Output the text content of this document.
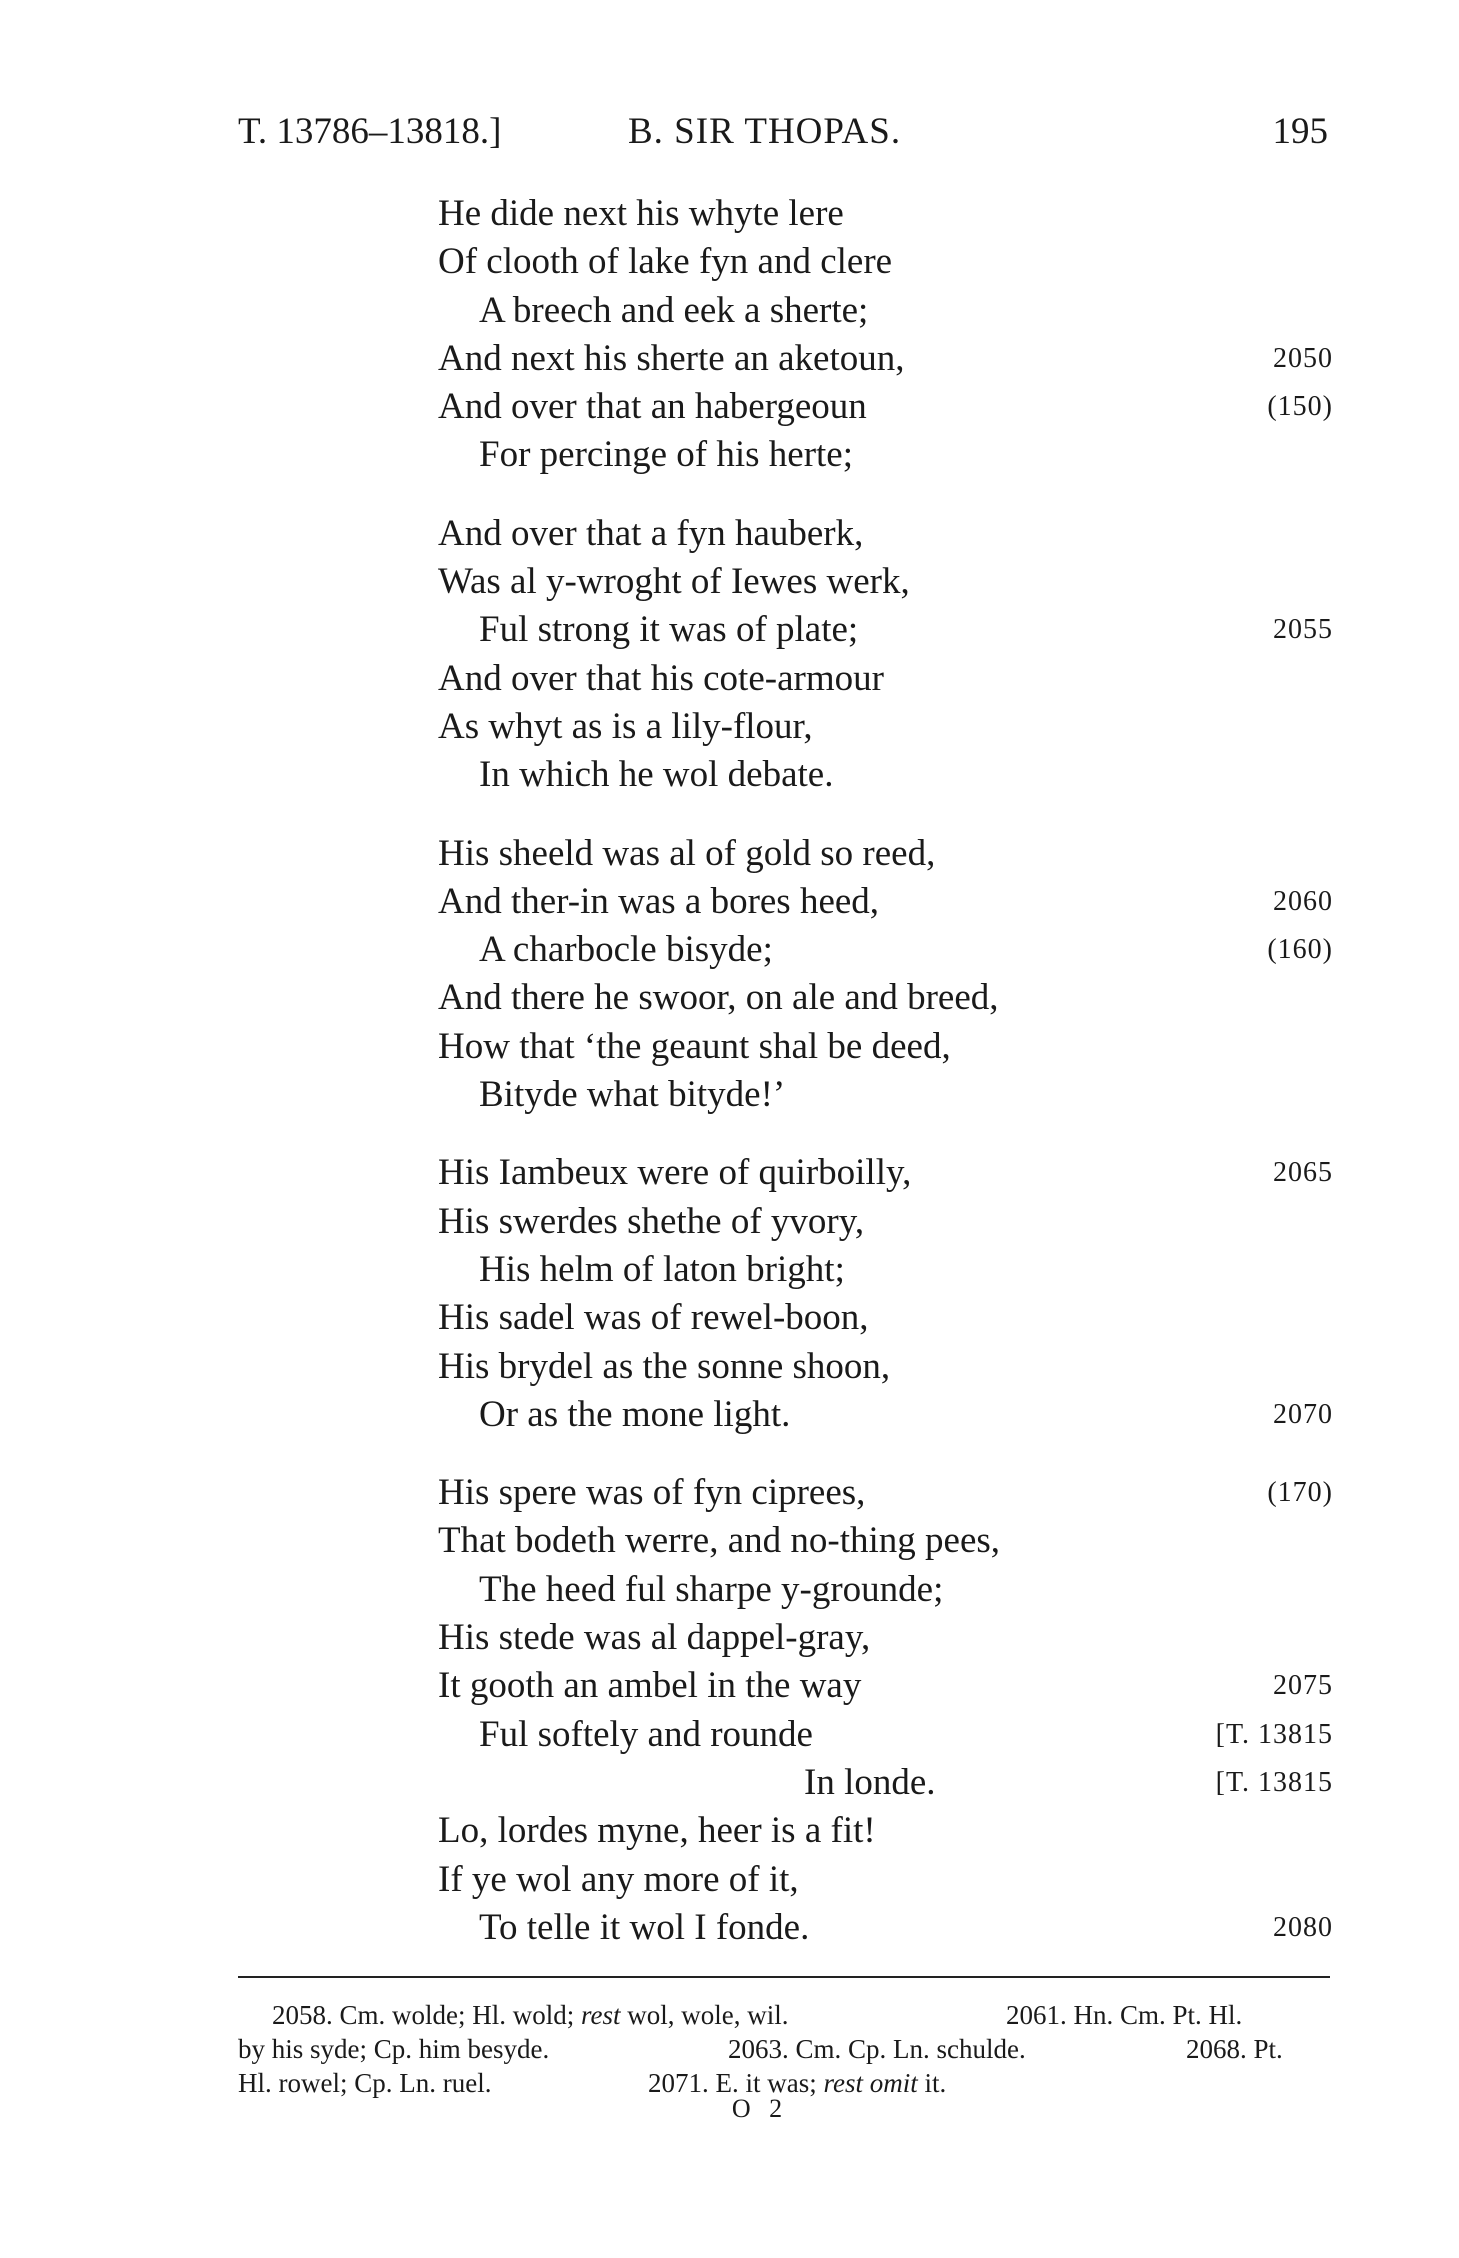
T. 13786–13818.]	B. SIR THOPAS.	195
He dide next his whyte lere
Of clooth of lake fyn and clere
A breech and eek a sherte;
And next his sherte an aketoun,	2050
And over that an habergeoun	(150)
For percinge of his herte;
And over that a fyn hauberk,
Was al y-wroght of Iewes werk,
Ful strong it was of plate;	2055
And over that his cote-armour
As whyt as is a lily-flour,
In which he wol debate.
His sheeld was al of gold so reed,
And ther-in was a bores heed,	2060
A charbocle bisyde;	(160)
And there he swoor, on ale and breed,
How that ‘the geaunt shal be deed,
Bityde what bityde!’
His Iambeux were of quirboilly,	2065
His swerdes shethe of yvory,
His helm of laton bright;
His sadel was of rewel-boon,
His brydel as the sonne shoon,
Or as the mone light.	2070
His spere was of fyn ciprees,	(170)
That bodeth werre, and no-thing pees,
The heed ful sharpe y-grounde;
His stede was al dappel-gray,
It gooth an ambel in the way	2075
Ful softely and rounde	[T. 13815
In londe.	[T. 13815
Lo, lordes myne, heer is a fit!
If ye wol any more of it,
To telle it wol I fonde.	2080
2058. Cm. wolde; Hl. wold; rest wol, wole, wil.	2061. Hn. Cm. Pt. Hl.
by his syde; Cp. him besyde.	2063. Cm. Cp. Ln. schulde.	2068. Pt.
Hl. rowel; Cp. Ln. ruel.	2071. E. it was; rest omit it.
O 2
